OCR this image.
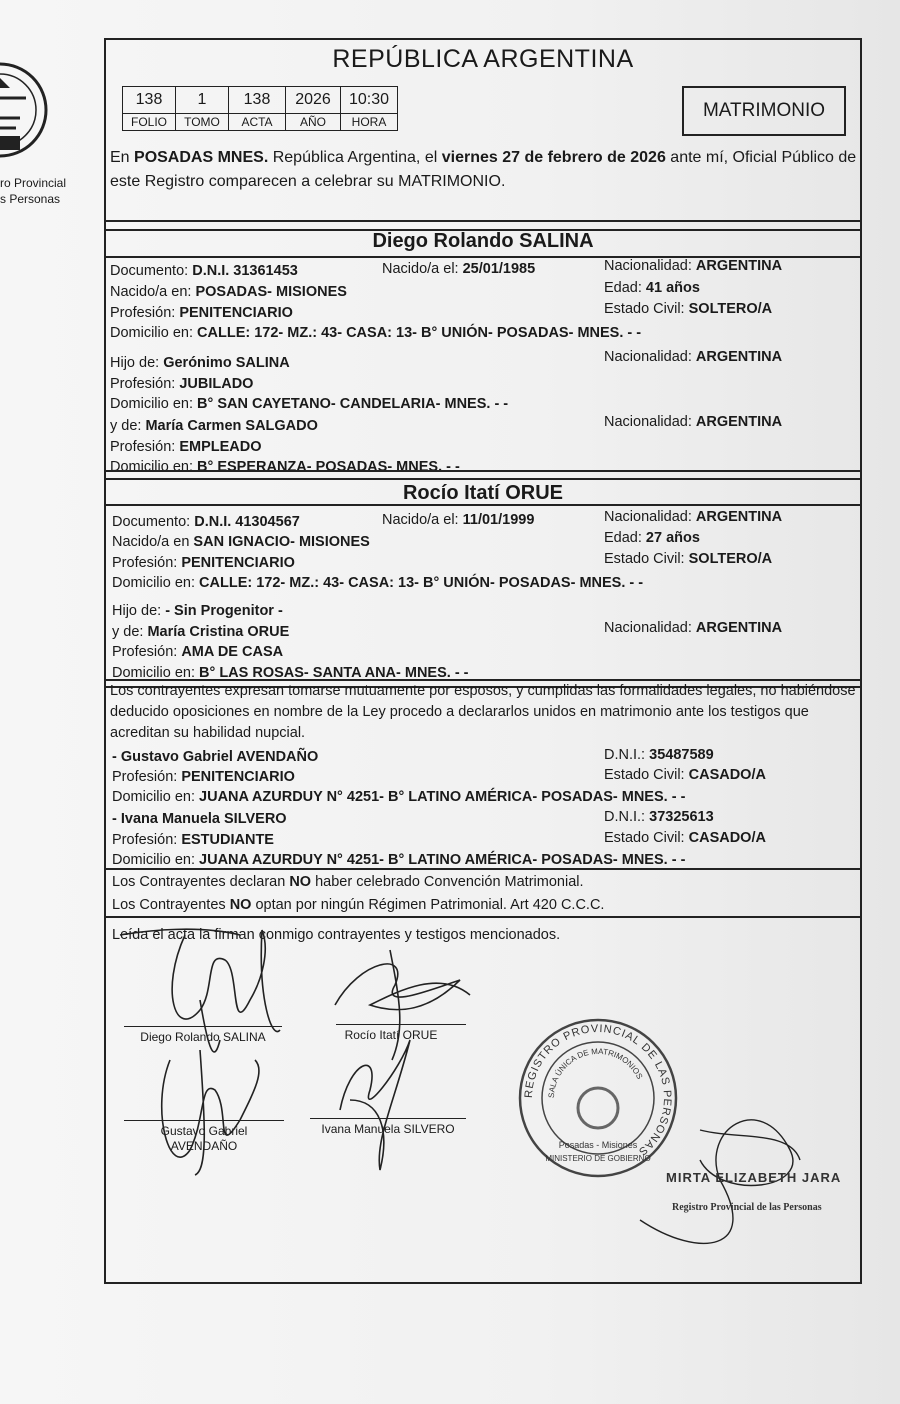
ro Provincial
s Personas
REPÚBLICA ARGENTINA
138	1	138	2026	10:30
FOLIO	TOMO	ACTA	AÑO	HORA
MATRIMONIO
En POSADAS MNES. República Argentina, el viernes 27 de febrero de 2026 ante mí, Oficial Público de este Registro comparecen a celebrar su MATRIMONIO.
Diego Rolando SALINA
Documento: D.N.I. 31361453	Nacido/a el: 25/01/1985	Nacionalidad: ARGENTINA
Nacido/a en: POSADAS- MISIONES	Edad: 41 años
Profesión: PENITENCIARIO	Estado Civil: SOLTERO/A
Domicilio en: CALLE: 172- MZ.: 43- CASA: 13- B° UNIÓN- POSADAS- MNES. - -
Hijo de: Gerónimo SALINA	Nacionalidad: ARGENTINA
Profesión: JUBILADO
Domicilio en: B° SAN CAYETANO- CANDELARIA- MNES. - -
y de: María Carmen SALGADO	Nacionalidad: ARGENTINA
Profesión: EMPLEADO
Domicilio en: B° ESPERANZA- POSADAS- MNES. - -
Rocío Itatí ORUE
Documento: D.N.I. 41304567	Nacido/a el: 11/01/1999	Nacionalidad: ARGENTINA
Nacido/a en SAN IGNACIO- MISIONES	Edad: 27 años
Profesión: PENITENCIARIO	Estado Civil: SOLTERO/A
Domicilio en: CALLE: 172- MZ.: 43- CASA: 13- B° UNIÓN- POSADAS- MNES. - -
Hijo de: - Sin Progenitor -
y de: María Cristina ORUE	Nacionalidad: ARGENTINA
Profesión: AMA DE CASA
Domicilio en: B° LAS ROSAS- SANTA ANA- MNES. - -
Los contrayentes expresan tomarse mutuamente por esposos, y cumplidas las formalidades legales, no habiéndose deducido oposiciones en nombre de la Ley procedo a declararlos unidos en matrimonio ante los testigos que acreditan su habilidad nupcial.
- Gustavo Gabriel AVENDAÑO	D.N.I.: 35487589
Profesión: PENITENCIARIO	Estado Civil: CASADO/A
Domicilio en: JUANA AZURDUY N° 4251- B° LATINO AMÉRICA- POSADAS- MNES. - -
- Ivana Manuela SILVERO	D.N.I.: 37325613
Profesión: ESTUDIANTE	Estado Civil: CASADO/A
Domicilio en: JUANA AZURDUY N° 4251- B° LATINO AMÉRICA- POSADAS- MNES. - -
Los Contrayentes declaran NO haber celebrado Convención Matrimonial.
Los Contrayentes NO optan por ningún Régimen Patrimonial. Art 420 C.C.C.
Leída el acta la firman conmigo contrayentes y testigos mencionados.
Diego Rolando SALINA	Rocío Itatí ORUE
Gustavo Gabriel
AVENDAÑO
Ivana Manuela SILVERO
REGISTRO PROVINCIAL DE LAS PERSONAS
SALA ÚNICA DE MATRIMONIOS
Posadas - Misiones
MINISTERIO DE GOBIERNO
MIRTA ELIZABETH JARA
Registro Provincial de las Personas
